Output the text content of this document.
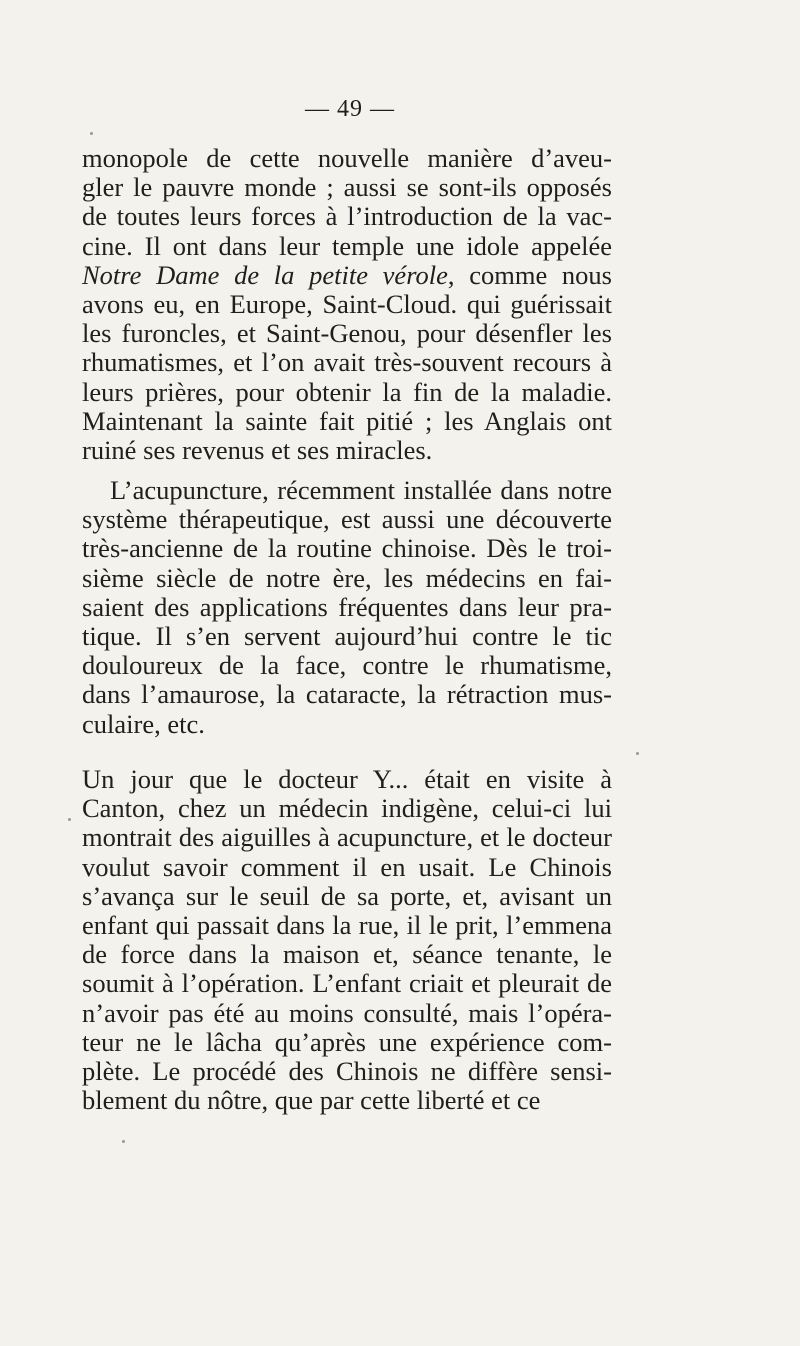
— 49 —
monopole de cette nouvelle manière d’aveu-
gler le pauvre monde ; aussi se sont-ils opposés
de toutes leurs forces à l’introduction de la vac-
cine. Il ont dans leur temple une idole appelée
Notre Dame de la petite vérole, comme nous
avons eu, en Europe, Saint-Cloud. qui guérissait
les furoncles, et Saint-Genou, pour désenfler les
rhumatismes, et l’on avait très-souvent recours à
leurs prières, pour obtenir la fin de la maladie.
Maintenant la sainte fait pitié ; les Anglais ont
ruiné ses revenus et ses miracles.
L’acupuncture, récemment installée dans notre
système thérapeutique, est aussi une découverte
très-ancienne de la routine chinoise. Dès le troi-
sième siècle de notre ère, les médecins en fai-
saient des applications fréquentes dans leur pra-
tique. Il s’en servent aujourd’hui contre le tic
douloureux de la face, contre le rhumatisme,
dans l’amaurose, la cataracte, la rétraction mus-
culaire, etc.
Un jour que le docteur Y... était en visite à
Canton, chez un médecin indigène, celui-ci lui
montrait des aiguilles à acupuncture, et le docteur
voulut savoir comment il en usait. Le Chinois
s’avança sur le seuil de sa porte, et, avisant un
enfant qui passait dans la rue, il le prit, l’emmena
de force dans la maison et, séance tenante, le
soumit à l’opération. L’enfant criait et pleurait de
n’avoir pas été au moins consulté, mais l’opéra-
teur ne le lâcha qu’après une expérience com-
plète. Le procédé des Chinois ne diffère sensi-
blement du nôtre, que par cette liberté et ce
